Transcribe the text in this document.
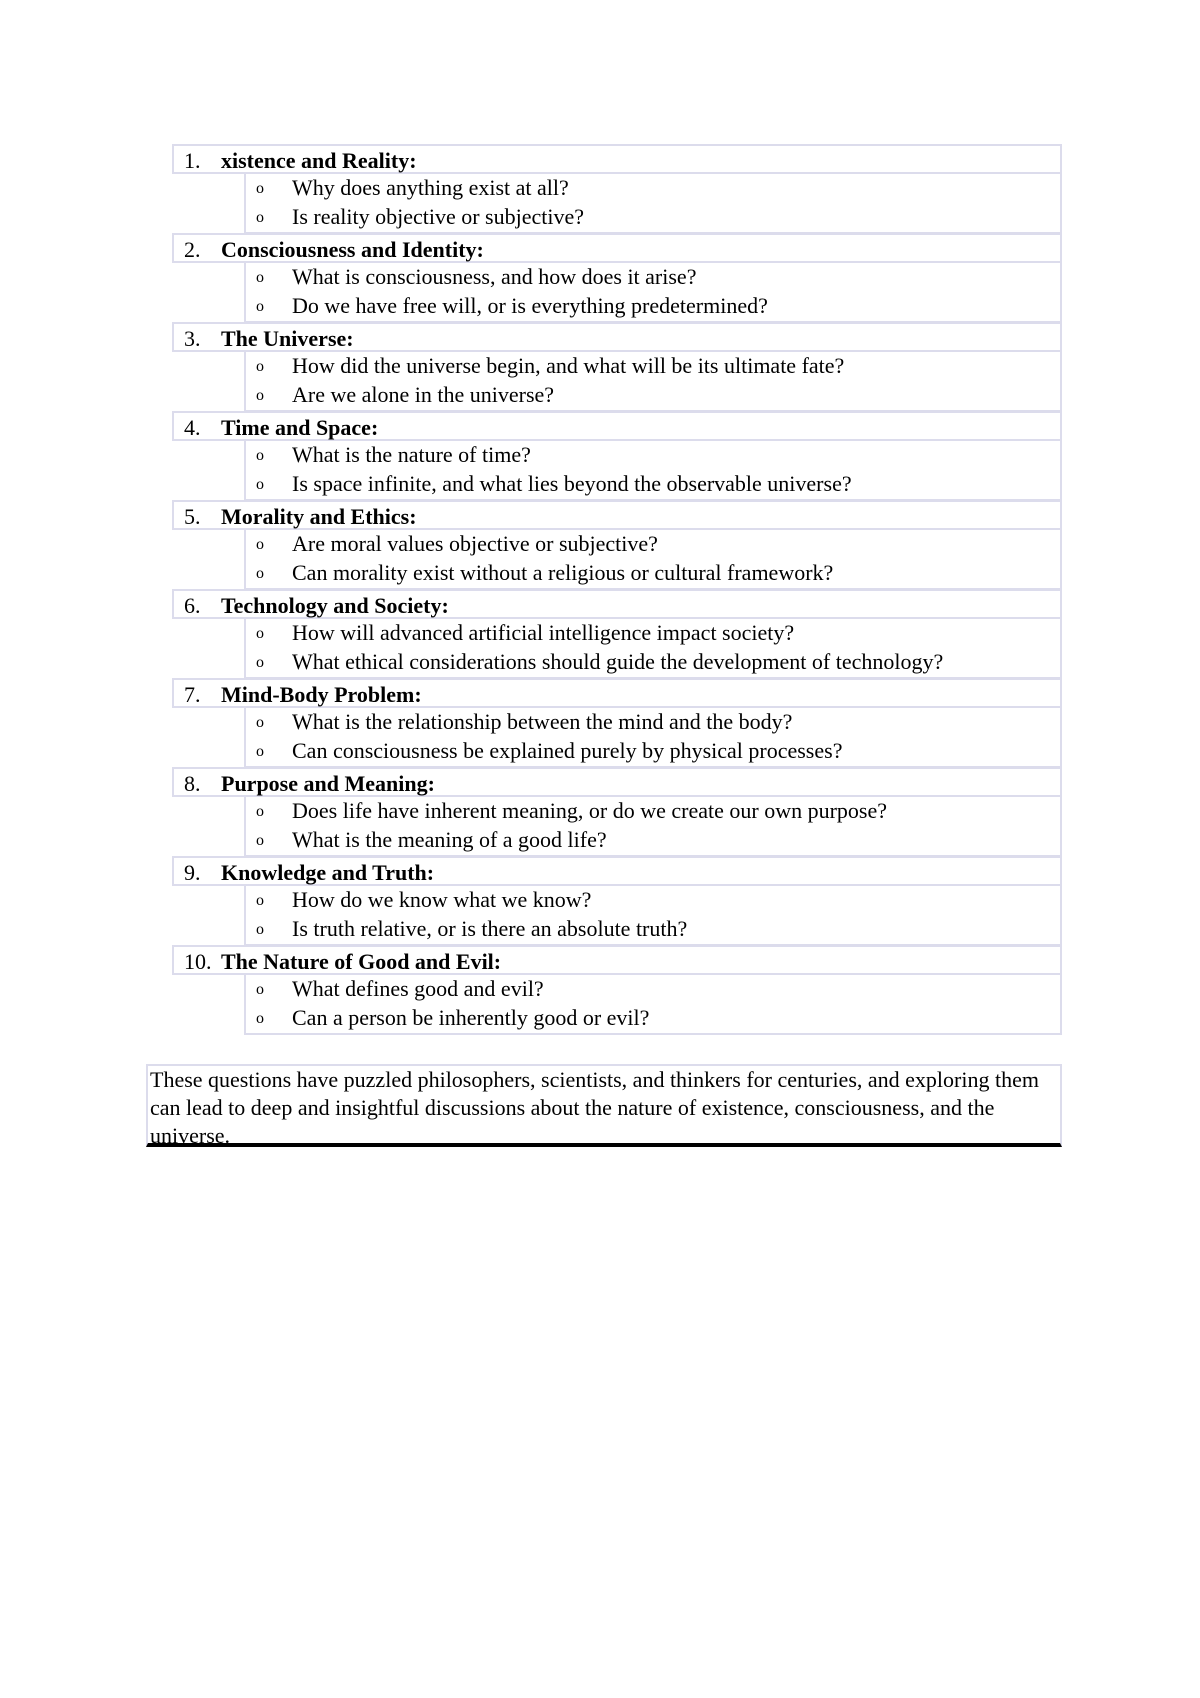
1. xistence and Reality:
o Why does anything exist at all?
o Is reality objective or subjective?
2. Consciousness and Identity:
o What is consciousness, and how does it arise?
o Do we have free will, or is everything predetermined?
3. The Universe:
o How did the universe begin, and what will be its ultimate fate?
o Are we alone in the universe?
4. Time and Space:
o What is the nature of time?
o Is space infinite, and what lies beyond the observable universe?
5. Morality and Ethics:
o Are moral values objective or subjective?
o Can morality exist without a religious or cultural framework?
6. Technology and Society:
o How will advanced artificial intelligence impact society?
o What ethical considerations should guide the development of technology?
7. Mind-Body Problem:
o What is the relationship between the mind and the body?
o Can consciousness be explained purely by physical processes?
8. Purpose and Meaning:
o Does life have inherent meaning, or do we create our own purpose?
o What is the meaning of a good life?
9. Knowledge and Truth:
o How do we know what we know?
o Is truth relative, or is there an absolute truth?
10. The Nature of Good and Evil:
o What defines good and evil?
o Can a person be inherently good or evil?
These questions have puzzled philosophers, scientists, and thinkers for centuries, and exploring them can lead to deep and insightful discussions about the nature of existence, consciousness, and the universe.
